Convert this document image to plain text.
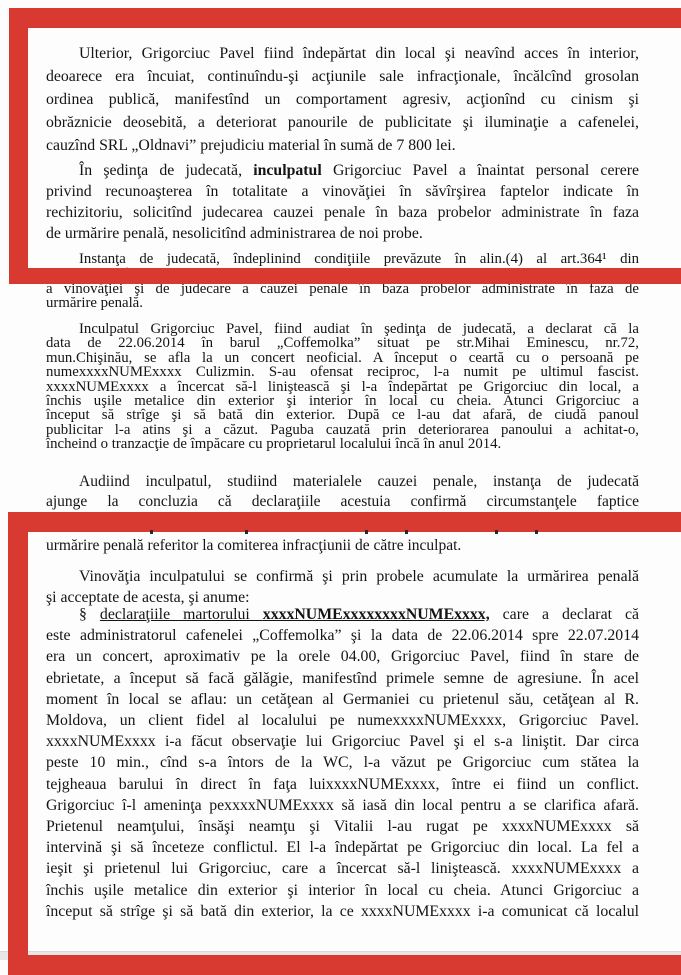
Ulterior, Grigorciuc Pavel fiind îndepărtat din local şi neavînd acces în interior,
deoarece era încuiat, continuîndu-şi acţiunile sale infracţionale, încălcînd grosolan
ordinea publică, manifestînd un comportament agresiv, acţionînd cu cinism şi
obrăznicie deosebită, a deteriorat panourile de publicitate şi iluminaţie a cafenelei,
cauzînd SRL „Oldnavi” prejudiciu material în sumă de 7 800 lei.
În şedinţa de judecată, inculpatul Grigorciuc Pavel a înaintat personal cerere
privind recunoaşterea în totalitate a vinovăţiei în săvîrşirea faptelor indicate în
rechizitoriu, solicitînd judecarea cauzei penale în baza probelor administrate în faza
de urmărire penală, nesolicitînd administrarea de noi probe.
Instanţa de judecată, îndeplinind condiţiile prevăzute în alin.(4) al art.364¹ din
CPP, prin încheierea din 06.05.2015, a acceptat cererea inculpatului de recunoaştere
a vinovăţiei şi de judecare a cauzei penale în baza probelor administrate în faza de
urmărire penală.
Inculpatul Grigorciuc Pavel, fiind audiat în şedinţa de judecată, a declarat că la
data de 22.06.2014 în barul „Coffemolka” situat pe str.Mihai Eminescu, nr.72,
mun.Chişinău, se afla la un concert neoficial. A început o ceartă cu o persoană pe
numexxxxNUMExxxx Culizmin. S-au ofensat reciproc, l-a numit pe ultimul fascist.
xxxxNUMExxxx a încercat să-l liniştească şi l-a îndepărtat pe Grigorciuc din local, a
închis uşile metalice din exterior şi interior în local cu cheia. Atunci Grigorciuc a
început să strîge şi să bată din exterior. După ce l-au dat afară, de ciudă panoul
publicitar l-a atins şi a căzut. Paguba cauzată prin deteriorarea panoului a achitat-o,
încheind o tranzacţie de împăcare cu proprietarul localului încă în anul 2014.
Audiind inculpatul, studiind materialele cauzei penale, instanţa de judecată
ajunge la concluzia că declaraţiile acestuia confirmă circumstanţele faptice
urmărire penală referitor la comiterea infracţiunii de către inculpat.
Vinovăţia inculpatului se confirmă şi prin probele acumulate la urmărirea penală
şi acceptate de acesta, şi anume:
§ declaraţiile martorului xxxxNUMExxxxxxxxNUMExxxx, care a declarat că
este administratorul cafenelei „Coffemolka” şi la data de 22.06.2014 spre 22.07.2014
era un concert, aproximativ pe la orele 04.00, Grigorciuc Pavel, fiind în stare de
ebrietate, a început să facă gălăgie, manifestînd primele semne de agresiune. În acel
moment în local se aflau: un cetăţean al Germaniei cu prietenul său, cetăţean al R.
Moldova, un client fidel al localului pe numexxxxNUMExxxx, Grigorciuc Pavel.
xxxxNUMExxxx i-a făcut observaţie lui Grigorciuc Pavel şi el s-a liniştit. Dar circa
peste 10 min., cînd s-a întors de la WC, l-a văzut pe Grigorciuc cum stătea la
tejgheaua barului în direct în faţa luixxxxNUMExxxx, între ei fiind un conflict.
Grigorciuc î-l ameninţa pexxxxNUMExxxx să iasă din local pentru a se clarifica afară.
Prietenul neamţului, însăşi neamţu şi Vitalii l-au rugat pe xxxxNUMExxxx să
intervină şi să înceteze conflictul. El l-a îndepărtat pe Grigorciuc din local. La fel a
ieşit şi prietenul lui Grigorciuc, care a încercat să-l liniştească. xxxxNUMExxxx a
închis uşile metalice din exterior şi interior în local cu cheia. Atunci Grigorciuc a
început să strîge şi să bată din exterior, la ce xxxxNUMExxxx i-a comunicat că localul
